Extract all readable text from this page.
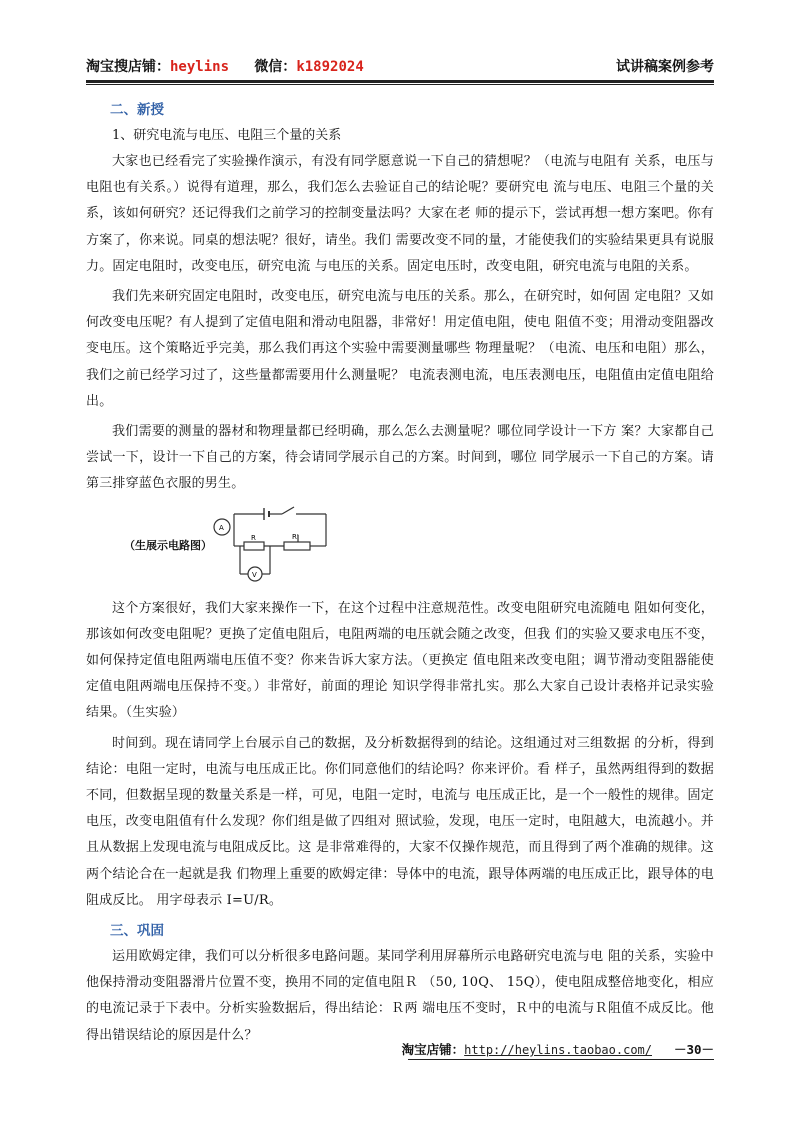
淘宝搜店铺：heylins 微信：k1892024	试讲稿案例参考
二、新授
1、研究电流与电压、电阻三个量的关系

大家也已经看完了实验操作演示，有没有同学愿意说一下自己的猜想呢？（电流与电阻有 关系，电压与电阻也有关系。）说得有道理，那么，我们怎么去验证自己的结论呢？要研究电 流与电压、电阻三个量的关系，该如何研究？还记得我们之前学习的控制变量法吗？大家在老 师的提示下，尝试再想一想方案吧。你有方案了，你来说。同桌的想法呢？很好，请坐。我们 需要改变不同的量，才能使我们的实验结果更具有说服力。固定电阻时，改变电压，研究电流 与电压的关系。固定电压时，改变电阻，研究电流与电阻的关系。

我们先来研究固定电阻时，改变电压，研究电流与电压的关系。那么，在研究时，如何固 定电阻？又如何改变电压呢？有人提到了定值电阻和滑动电阻器，非常好！用定值电阻，使电 阻值不变；用滑动变阻器改变电压。这个策略近乎完美，那么我们再这个实验中需要测量哪些 物理量呢？（电流、电压和电阻）那么，我们之前已经学习过了，这些量都需要用什么测量呢？ 电流表测电流，电压表测电压，电阻值由定值电阻给出。

我们需要的测量的器材和物理量都已经明确，那么怎么去测量呢？哪位同学设计一下方 案？大家都自己尝试一下，设计一下自己的方案，待会请同学展示自己的方案。时间到，哪位 同学展示一下自己的方案。请第三排穿蓝色衣服的男生。

R	R'
A
V
（生展示电路图）

这个方案很好，我们大家来操作一下，在这个过程中注意规范性。改变电阻研究电流随电 阻如何变化，那该如何改变电阻呢？更换了定值电阻后，电阻两端的电压就会随之改变，但我 们的实验又要求电压不变，如何保持定值电阻两端电压值不变？你来告诉大家方法。（更换定 值电阻来改变电阻；调节滑动变阻器能使定值电阻两端电压保持不变。）非常好，前面的理论 知识学得非常扎实。那么大家自己设计表格并记录实验结果。（生实验）

时间到。现在请同学上台展示自己的数据，及分析数据得到的结论。这组通过对三组数据 的分析，得到结论：电阻一定时，电流与电压成正比。你们同意他们的结论吗？你来评价。看 样子，虽然两组得到的数据不同，但数据呈现的数量关系是一样，可见，电阻一定时，电流与 电压成正比，是一个一般性的规律。固定电压，改变电阻值有什么发现？你们组是做了四组对 照试验，发现，电压一定时，电阻越大，电流越小。并且从数据上发现电流与电阻成反比。这 是非常难得的，大家不仅操作规范，而且得到了两个准确的规律。这两个结论合在一起就是我 们物理上重要的欧姆定律：导体中的电流，跟导体两端的电压成正比，跟导体的电阻成反比。 用字母表示 I=U/R。

三、巩固

运用欧姆定律，我们可以分析很多电路问题。某同学利用屏幕所示电路研究电流与电 阻的关系，实验中他保持滑动变阻器滑片位置不变，换用不同的定值电阻Ｒ （50, 10Q、 15Q），使电阻成整倍地变化，相应的电流记录于下表中。分析实验数据后，得出结论：Ｒ两 端电压不变时，Ｒ中的电流与Ｒ阻值不成反比。他得出错误结论的原因是什么？

淘宝店铺：http://heylins.taobao.com/ －30－
